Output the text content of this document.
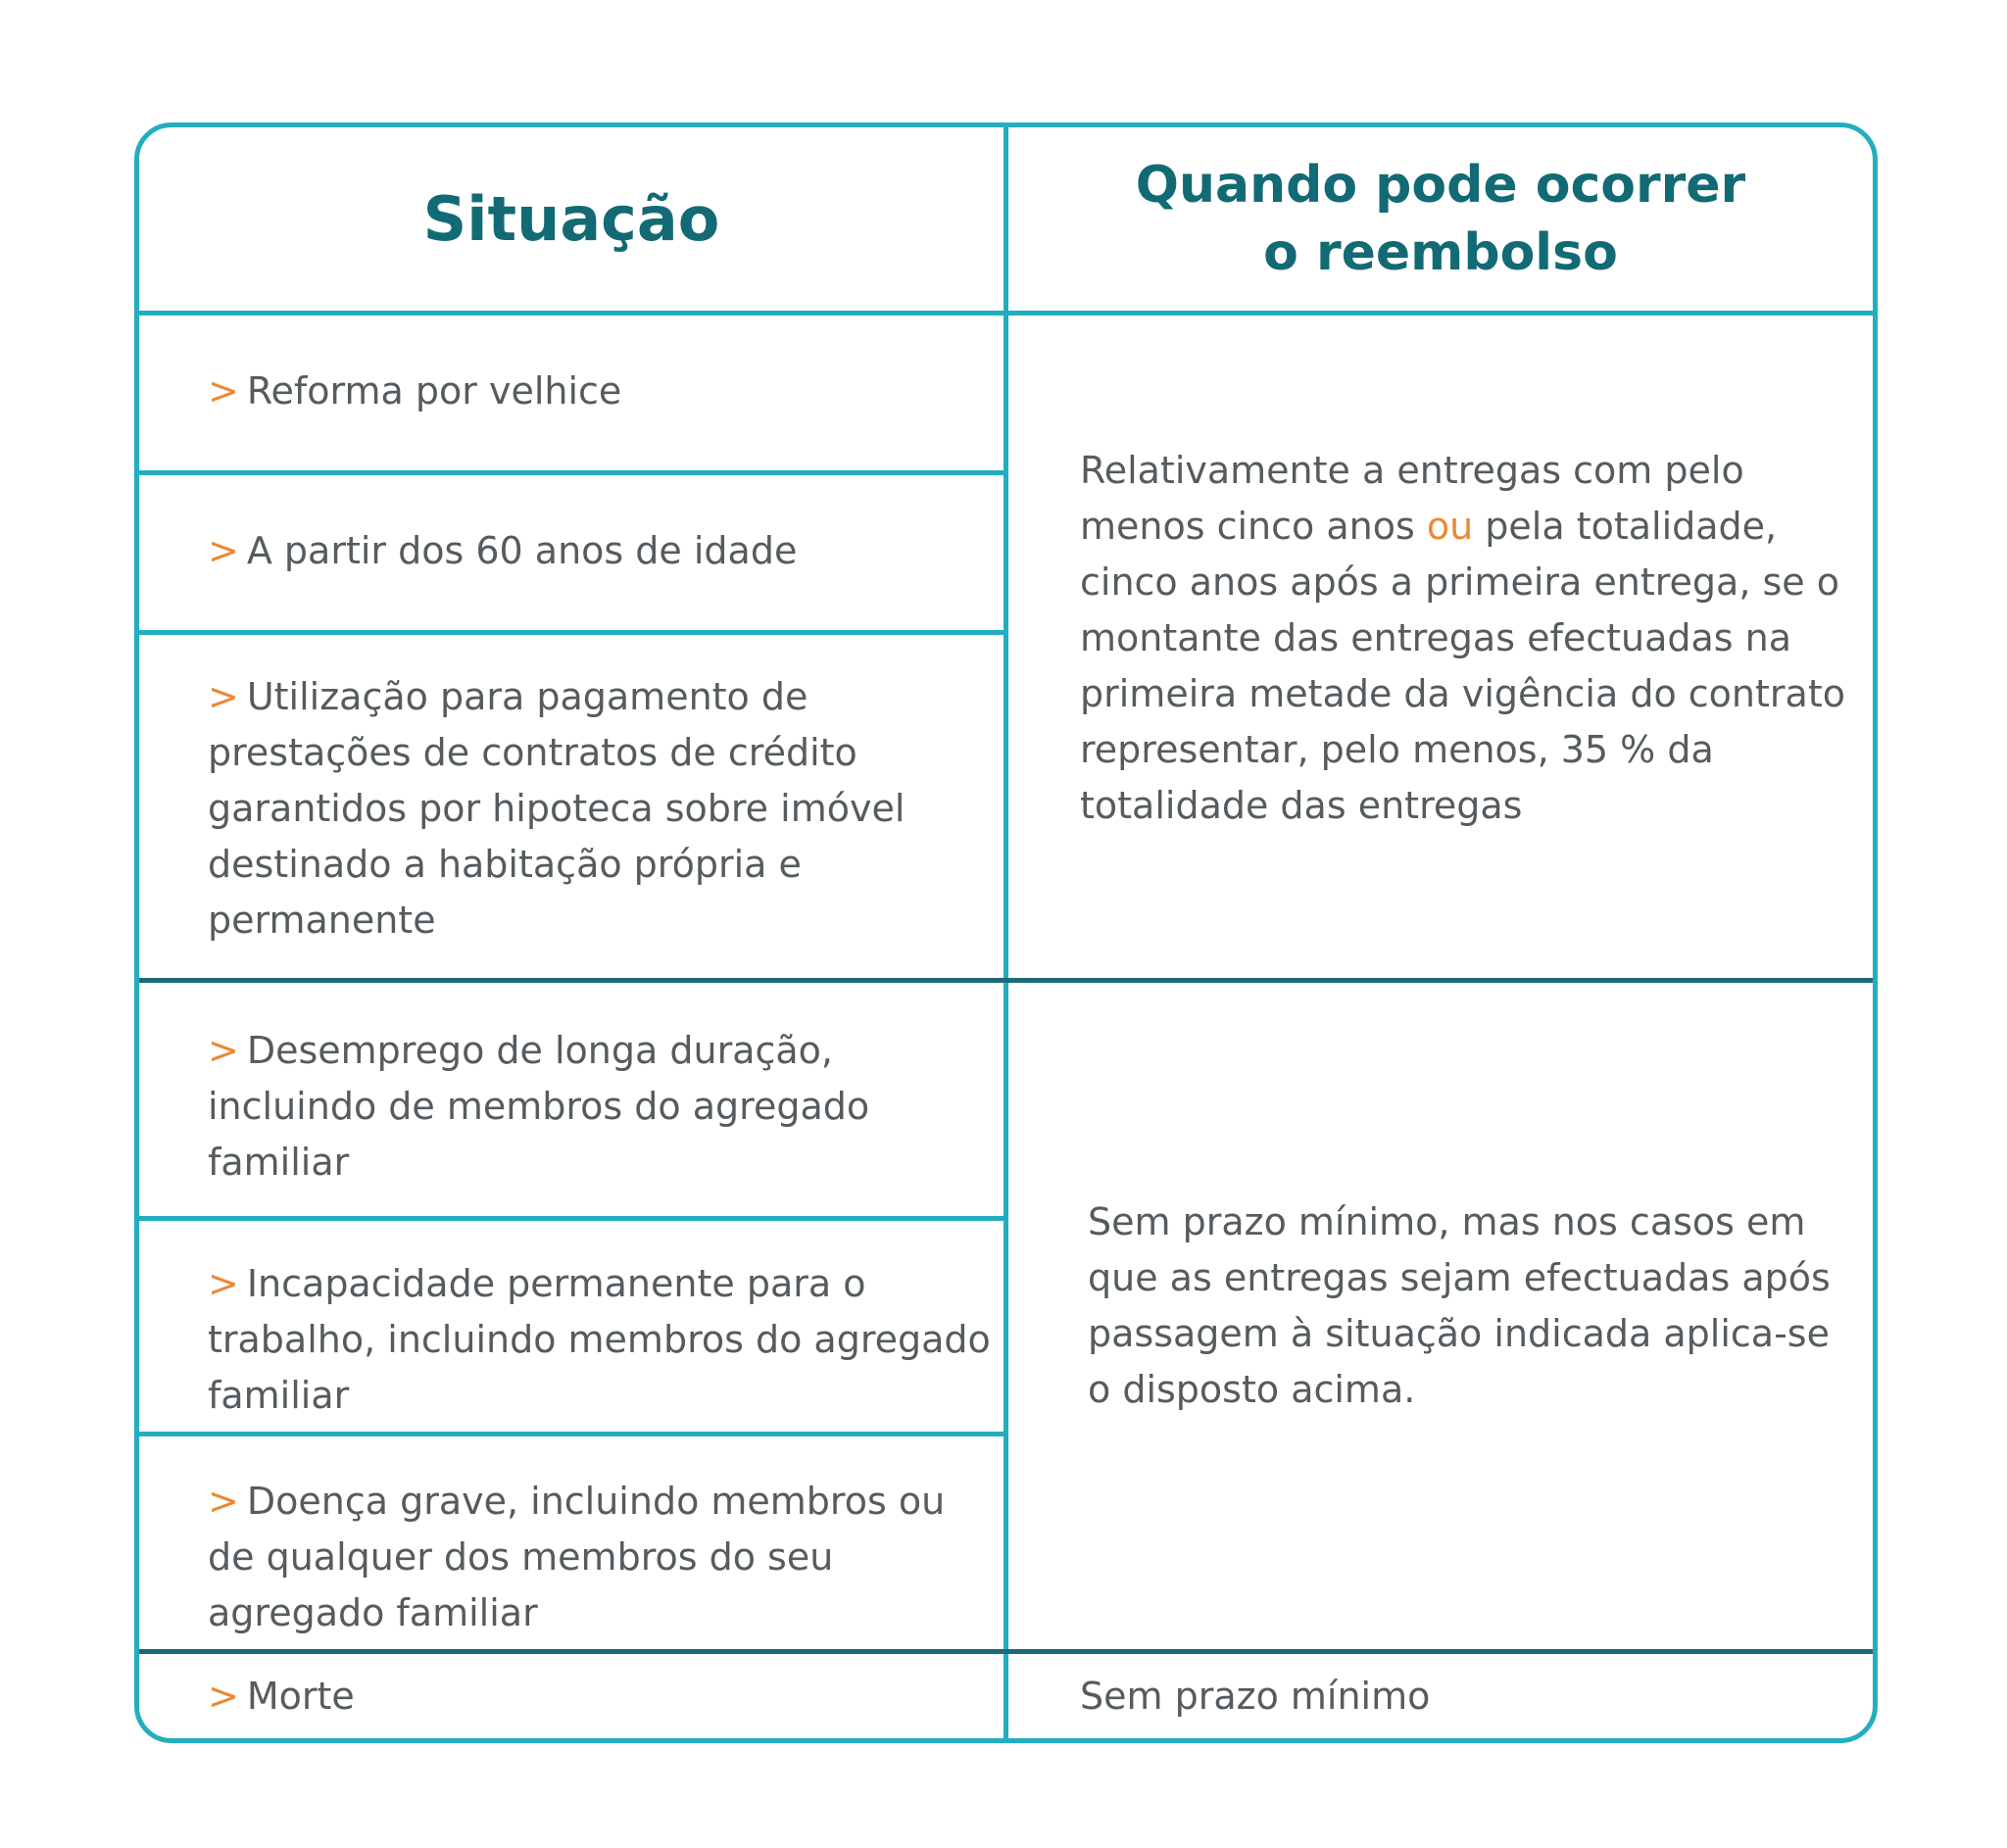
Situação	Quando pode ocorrer
o reembolso
> Reforma por velhice
> A partir dos 60 anos de idade
> Utilização para pagamento de prestações de contratos de crédito garantidos por hipoteca sobre imóvel destinado a habitação própria e permanente
> Desemprego de longa duração, incluindo de membros do agregado familiar
> Incapacidade permanente para o trabalho, incluindo membros do agregado familiar
> Doença grave, incluindo membros ou de qualquer dos membros do seu agregado familiar
> Morte
Relativamente a entregas com pelo menos cinco anos ou pela totalidade, cinco anos após a primeira entrega, se o montante das entregas efectuadas na primeira metade da vigência do contrato representar, pelo menos, 35 % da totalidade das entregas
Sem prazo mínimo, mas nos casos em que as entregas sejam efectuadas após passagem à situação indicada aplica-se o disposto acima.
Sem prazo mínimo
